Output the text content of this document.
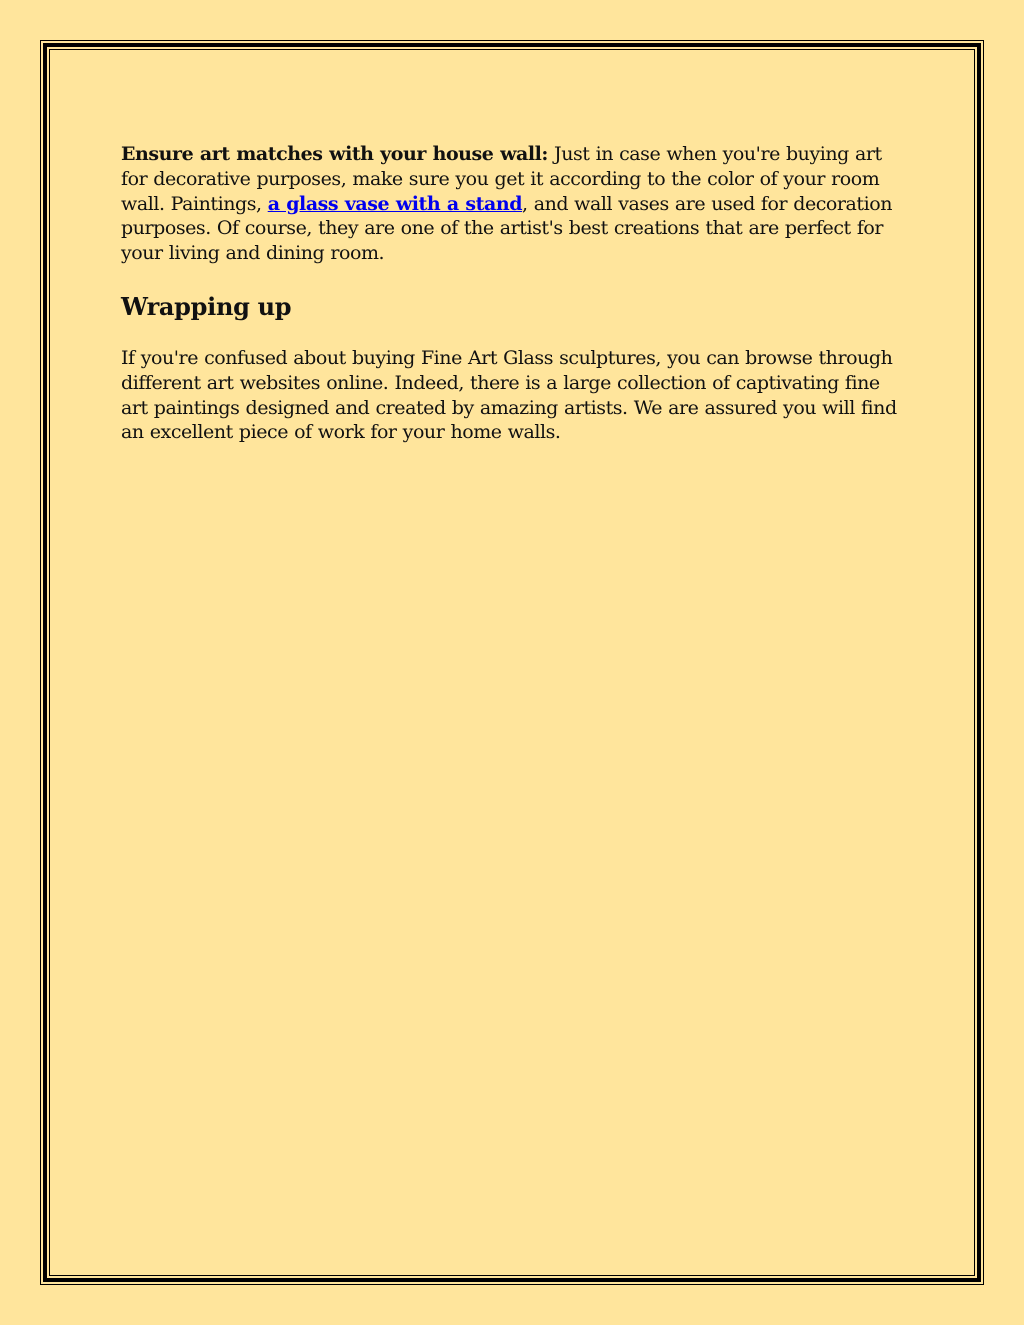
Ensure art matches with your house wall: Just in case when you're buying art for decorative purposes, make sure you get it according to the color of your room wall. Paintings, a glass vase with a stand, and wall vases are used for decoration purposes. Of course, they are one of the artist's best creations that are perfect for your living and dining room.

Wrapping up

If you're confused about buying Fine Art Glass sculptures, you can browse through different art websites online. Indeed, there is a large collection of captivating fine art paintings designed and created by amazing artists. We are assured you will find an excellent piece of work for your home walls.
